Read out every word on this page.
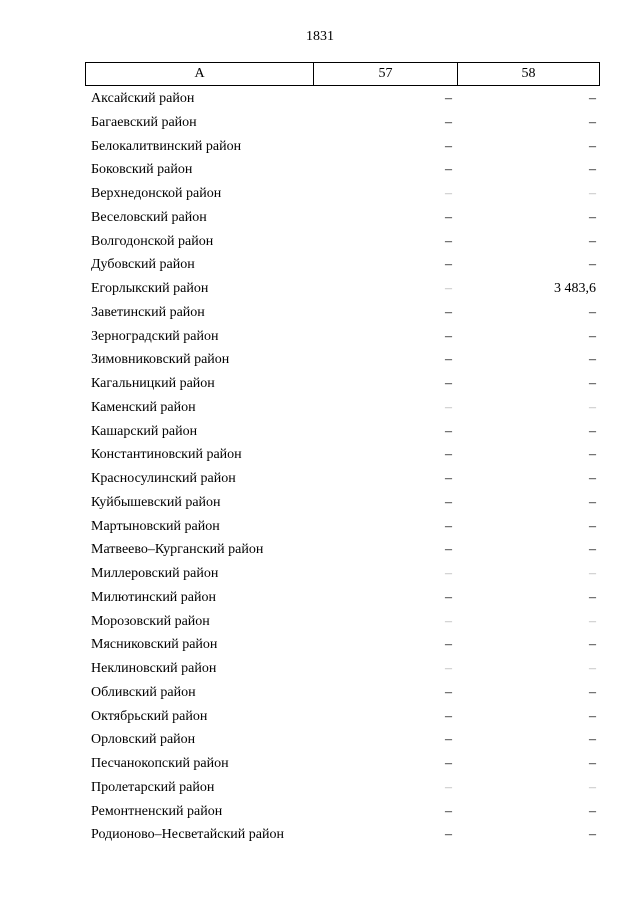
1831
А	57	58
Аксайский район	–	–
Багаевский район	–	–
Белокалитвинский район	–	–
Боковский район	–	–
Верхнедонской район	–	–
Веселовский район	–	–
Волгодонской район	–	–
Дубовский район	–	–
Егорлыкский район	–	3 483,6
Заветинский район	–	–
Зерноградский район	–	–
Зимовниковский район	–	–
Кагальницкий район	–	–
Каменский район	–	–
Кашарский район	–	–
Константиновский район	–	–
Красносулинский район	–	–
Куйбышевский район	–	–
Мартыновский район	–	–
Матвеево–Курганский район	–	–
Миллеровский район	–	–
Милютинский район	–	–
Морозовский район	–	–
Мясниковский район	–	–
Неклиновский район	–	–
Обливский район	–	–
Октябрьский район	–	–
Орловский район	–	–
Песчанокопский район	–	–
Пролетарский район	–	–
Ремонтненский район	–	–
Родионово–Несветайский район	–	–
